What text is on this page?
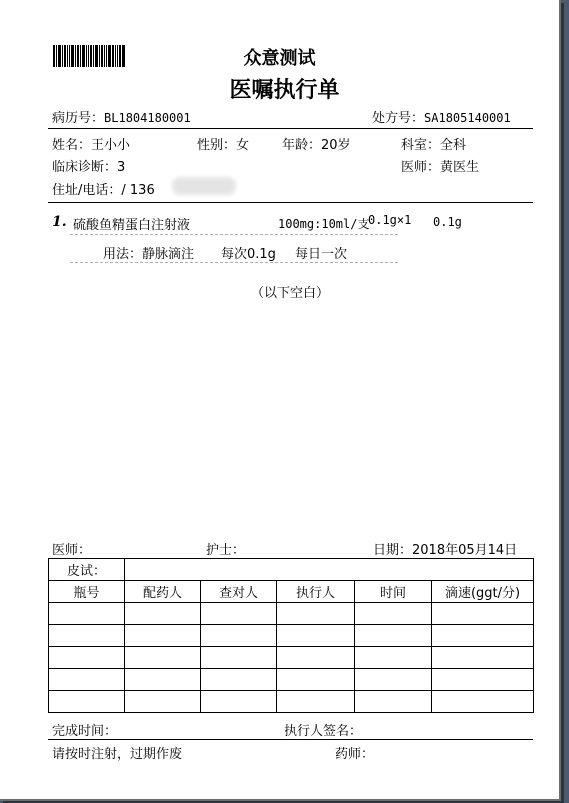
众意测试
医嘱执行单
病历号：BL1804180001	处方号：SA1805140001
姓名：王小小	性别：女	年龄：20岁	科室：全科
临床诊断：3	医师：黄医生
住址/电话：/ 136
1. 硫酸鱼精蛋白注射液	100mg:10ml/支
0.1g×1 0.1g
用法：静脉滴注 每次0.1g 每日一次
（以下空白）
医师：	护士：	日期：2018年05月14日
皮试：					
瓶号	配药人	查对人	执行人	时间	滴速(ggt/分)

完成时间：	执行人签名：
请按时注射，过期作废	药师：
